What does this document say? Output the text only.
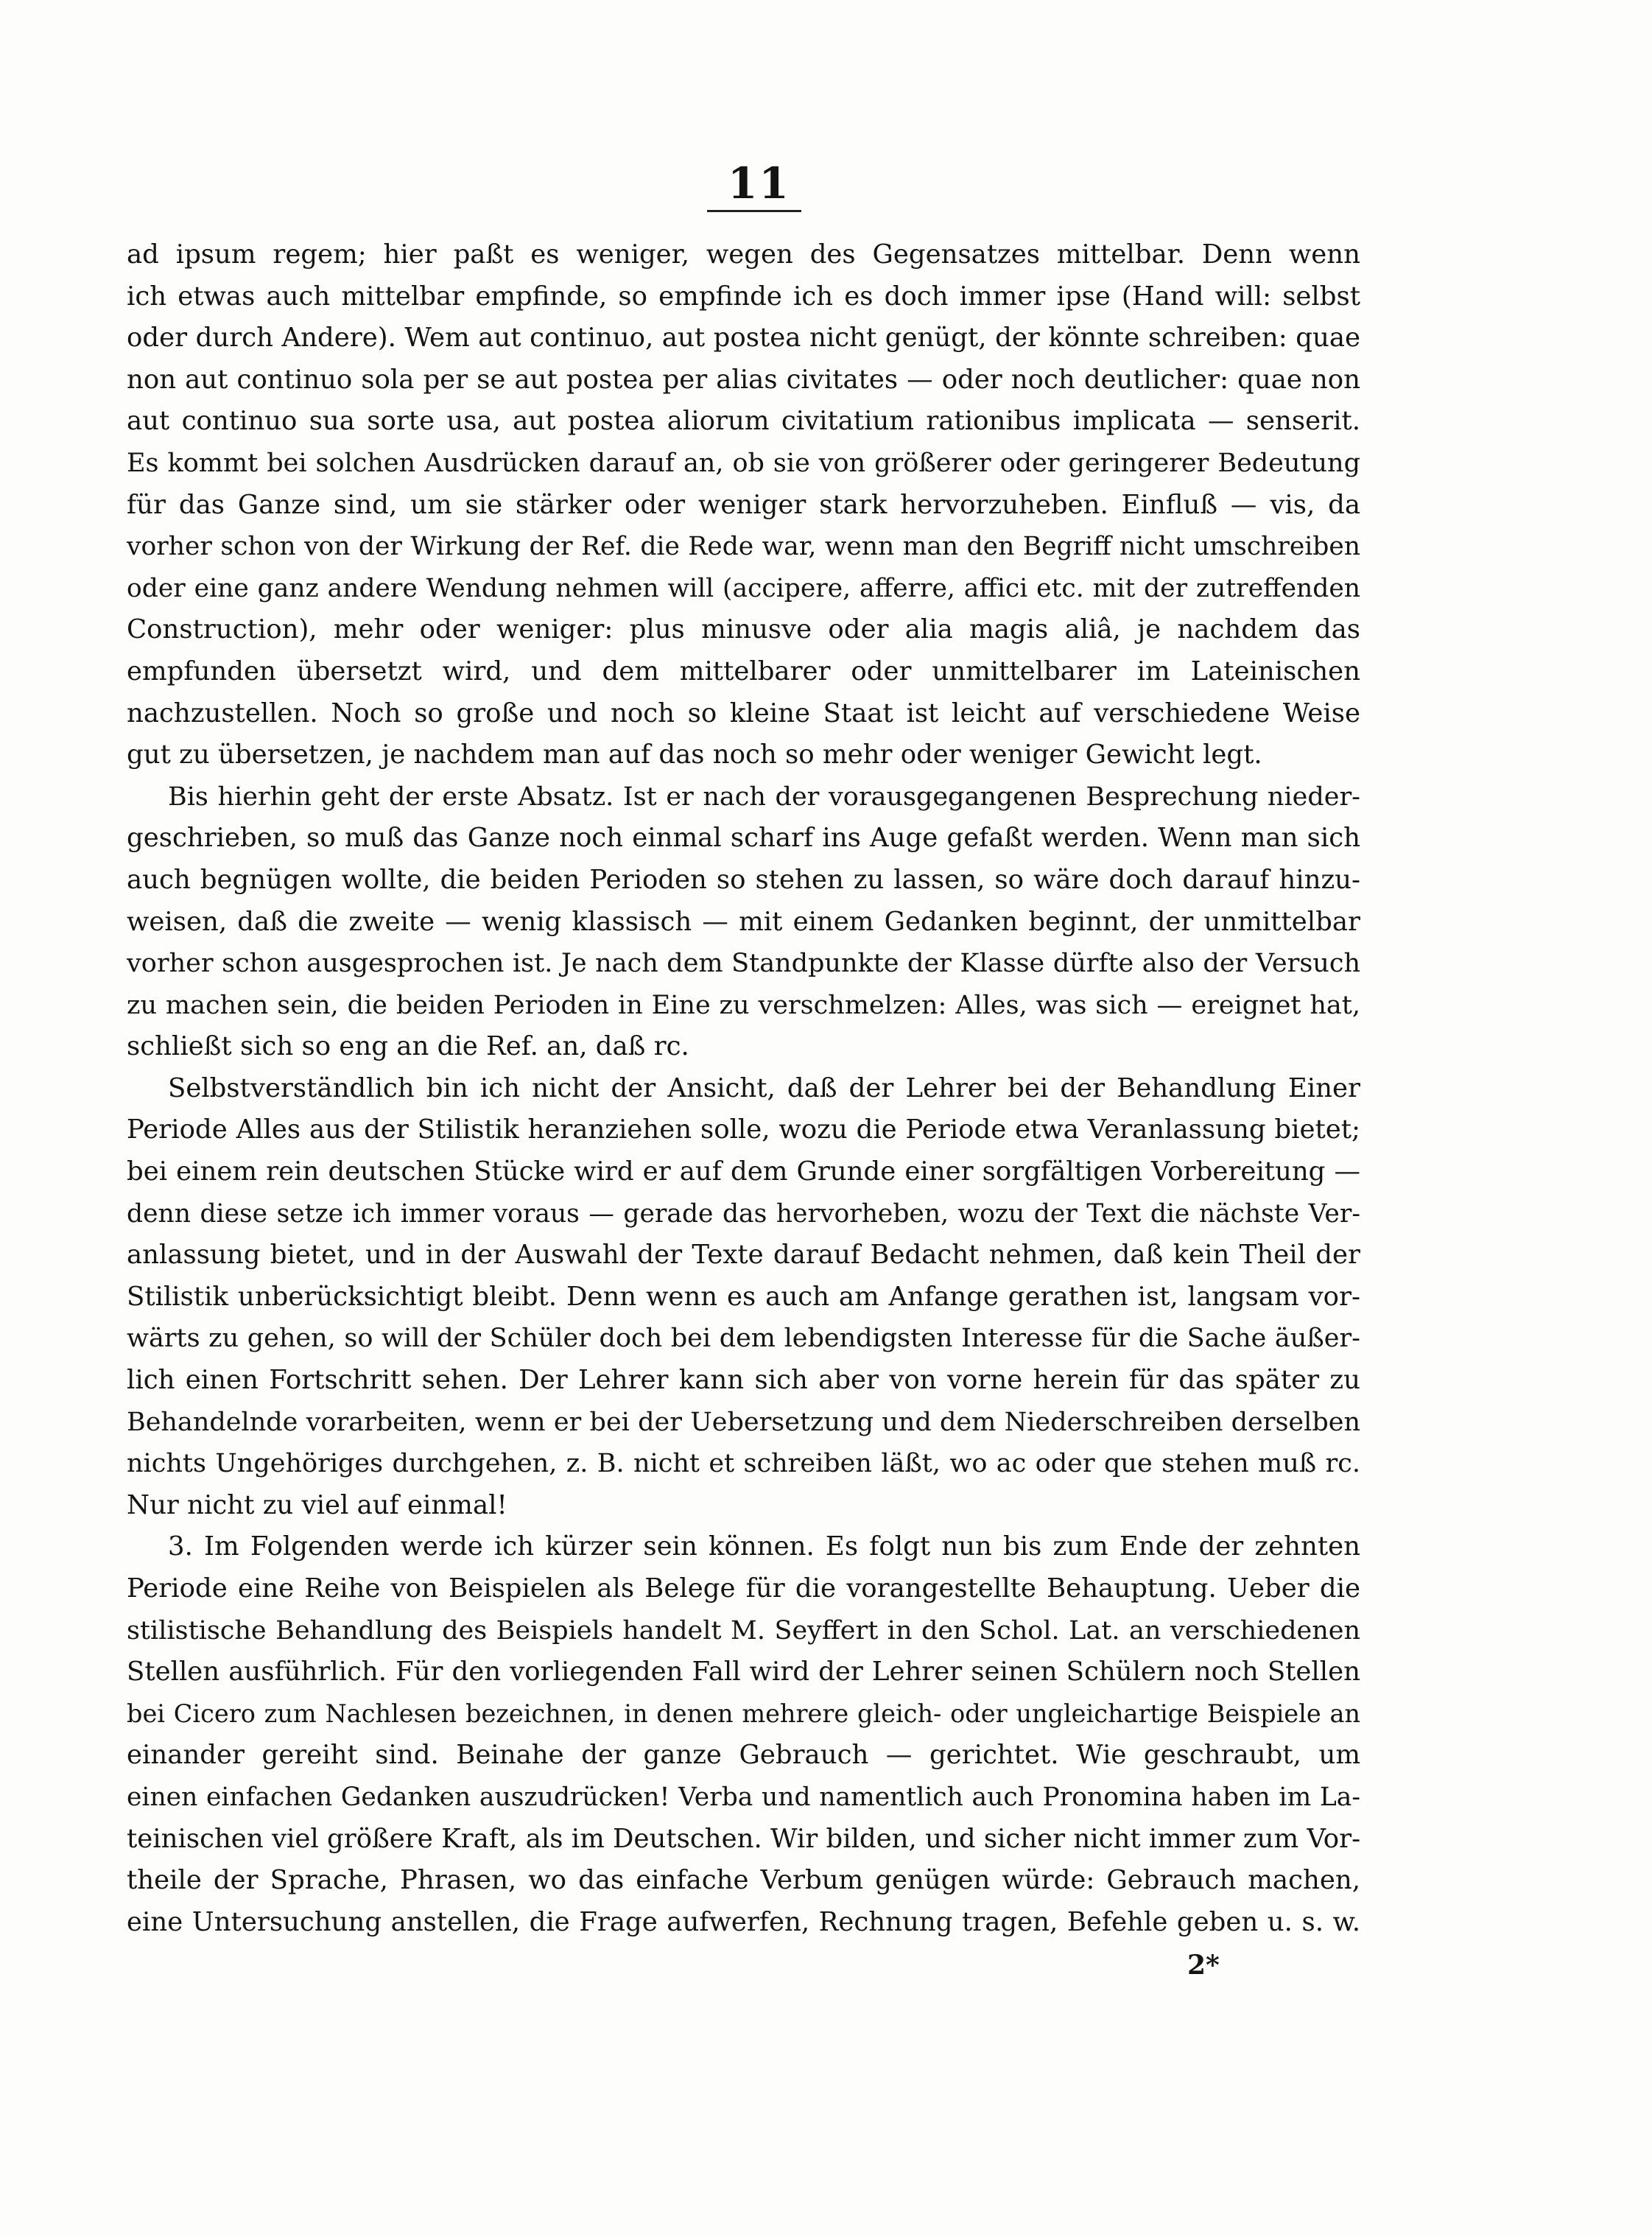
11
ad ipsum regem; hier paßt es weniger, wegen des Gegensatzes mittelbar. Denn wenn
ich etwas auch mittelbar empfinde, so empfinde ich es doch immer ipse (Hand will: selbst
oder durch Andere). Wem aut continuo, aut postea nicht genügt, der könnte schreiben: quae
non aut continuo sola per se aut postea per alias civitates — oder noch deutlicher: quae non
aut continuo sua sorte usa, aut postea aliorum civitatium rationibus implicata — senserit.
Es kommt bei solchen Ausdrücken darauf an, ob sie von größerer oder geringerer Bedeutung
für das Ganze sind, um sie stärker oder weniger stark hervorzuheben. Einfluß — vis, da
vorher schon von der Wirkung der Ref. die Rede war, wenn man den Begriff nicht umschreiben
oder eine ganz andere Wendung nehmen will (accipere, afferre, affici etc. mit der zutreffenden
Construction), mehr oder weniger: plus minusve oder alia magis aliâ, je nachdem das
empfunden übersetzt wird, und dem mittelbarer oder unmittelbarer im Lateinischen
nachzustellen. Noch so große und noch so kleine Staat ist leicht auf verschiedene Weise
gut zu übersetzen, je nachdem man auf das noch so mehr oder weniger Gewicht legt.
Bis hierhin geht der erste Absatz. Ist er nach der vorausgegangenen Besprechung nieder-
geschrieben, so muß das Ganze noch einmal scharf ins Auge gefaßt werden. Wenn man sich
auch begnügen wollte, die beiden Perioden so stehen zu lassen, so wäre doch darauf hinzu-
weisen, daß die zweite — wenig klassisch — mit einem Gedanken beginnt, der unmittelbar
vorher schon ausgesprochen ist. Je nach dem Standpunkte der Klasse dürfte also der Versuch
zu machen sein, die beiden Perioden in Eine zu verschmelzen: Alles, was sich — ereignet hat,
schließt sich so eng an die Ref. an, daß rc.
Selbstverständlich bin ich nicht der Ansicht, daß der Lehrer bei der Behandlung Einer
Periode Alles aus der Stilistik heranziehen solle, wozu die Periode etwa Veranlassung bietet;
bei einem rein deutschen Stücke wird er auf dem Grunde einer sorgfältigen Vorbereitung —
denn diese setze ich immer voraus — gerade das hervorheben, wozu der Text die nächste Ver-
anlassung bietet, und in der Auswahl der Texte darauf Bedacht nehmen, daß kein Theil der
Stilistik unberücksichtigt bleibt. Denn wenn es auch am Anfange gerathen ist, langsam vor-
wärts zu gehen, so will der Schüler doch bei dem lebendigsten Interesse für die Sache äußer-
lich einen Fortschritt sehen. Der Lehrer kann sich aber von vorne herein für das später zu
Behandelnde vorarbeiten, wenn er bei der Uebersetzung und dem Niederschreiben derselben
nichts Ungehöriges durchgehen, z. B. nicht et schreiben läßt, wo ac oder que stehen muß rc.
Nur nicht zu viel auf einmal!
3. Im Folgenden werde ich kürzer sein können. Es folgt nun bis zum Ende der zehnten
Periode eine Reihe von Beispielen als Belege für die vorangestellte Behauptung. Ueber die
stilistische Behandlung des Beispiels handelt M. Seyffert in den Schol. Lat. an verschiedenen
Stellen ausführlich. Für den vorliegenden Fall wird der Lehrer seinen Schülern noch Stellen
bei Cicero zum Nachlesen bezeichnen, in denen mehrere gleich- oder ungleichartige Beispiele an
einander gereiht sind. Beinahe der ganze Gebrauch — gerichtet. Wie geschraubt, um
einen einfachen Gedanken auszudrücken! Verba und namentlich auch Pronomina haben im La-
teinischen viel größere Kraft, als im Deutschen. Wir bilden, und sicher nicht immer zum Vor-
theile der Sprache, Phrasen, wo das einfache Verbum genügen würde: Gebrauch machen,
eine Untersuchung anstellen, die Frage aufwerfen, Rechnung tragen, Befehle geben u. s. w.
2*
